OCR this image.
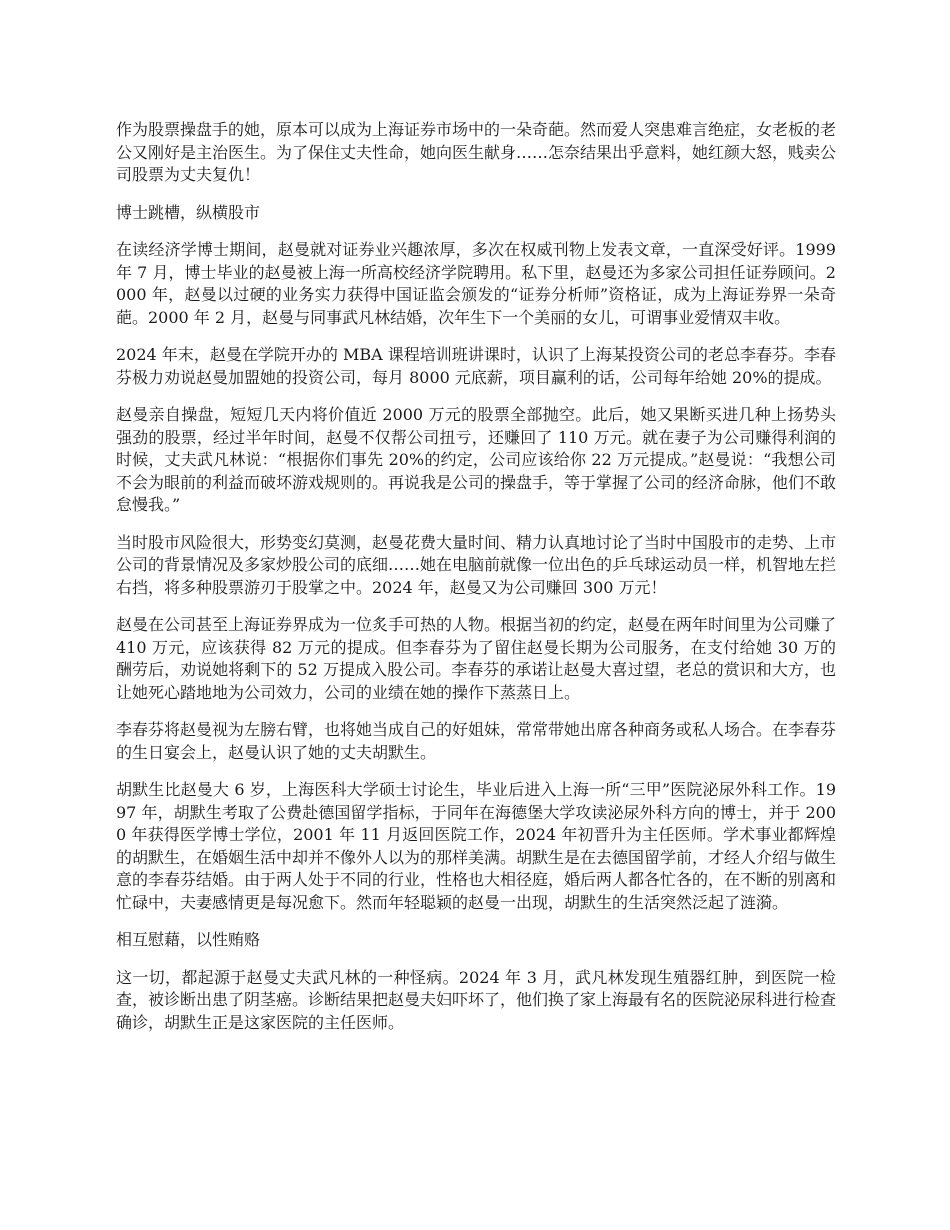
作为股票操盘手的她，原本可以成为上海证券市场中的一朵奇葩。然而爱人突患难言绝症，女老板的老公又刚好是主治医生。为了保住丈夫性命，她向医生献身……怎奈结果出乎意料，她红颜大怒，贱卖公司股票为丈夫复仇！

博士跳槽，纵横股市

在读经济学博士期间，赵曼就对证券业兴趣浓厚，多次在权威刊物上发表文章，一直深受好评。1999 年 7 月，博士毕业的赵曼被上海一所高校经济学院聘用。私下里，赵曼还为多家公司担任证券顾问。2000 年，赵曼以过硬的业务实力获得中国证监会颁发的“证券分析师”资格证，成为上海证券界一朵奇葩。2000 年 2 月，赵曼与同事武凡林结婚，次年生下一个美丽的女儿，可谓事业爱情双丰收。

2024 年末，赵曼在学院开办的 MBA 课程培训班讲课时，认识了上海某投资公司的老总李春芬。李春芬极力劝说赵曼加盟她的投资公司，每月 8000 元底薪，项目赢利的话，公司每年给她 20%的提成。

赵曼亲自操盘，短短几天内将价值近 2000 万元的股票全部抛空。此后，她又果断买进几种上扬势头强劲的股票，经过半年时间，赵曼不仅帮公司扭亏，还赚回了 110 万元。就在妻子为公司赚得利润的时候，丈夫武凡林说：“根据你们事先 20%的约定，公司应该给你 22 万元提成。”赵曼说：“我想公司不会为眼前的利益而破坏游戏规则的。再说我是公司的操盘手，等于掌握了公司的经济命脉，他们不敢怠慢我。”

当时股市风险很大，形势变幻莫测，赵曼花费大量时间、精力认真地讨论了当时中国股市的走势、上市公司的背景情况及多家炒股公司的底细……她在电脑前就像一位出色的乒乓球运动员一样，机智地左拦右挡，将多种股票游刃于股掌之中。2024 年，赵曼又为公司赚回 300 万元！

赵曼在公司甚至上海证券界成为一位炙手可热的人物。根据当初的约定，赵曼在两年时间里为公司赚了 410 万元，应该获得 82 万元的提成。但李春芬为了留住赵曼长期为公司服务，在支付给她 30 万的酬劳后，劝说她将剩下的 52 万提成入股公司。李春芬的承诺让赵曼大喜过望，老总的赏识和大方，也让她死心踏地地为公司效力，公司的业绩在她的操作下蒸蒸日上。

李春芬将赵曼视为左膀右臂，也将她当成自己的好姐妹，常常带她出席各种商务或私人场合。在李春芬的生日宴会上，赵曼认识了她的丈夫胡默生。

胡默生比赵曼大 6 岁，上海医科大学硕士讨论生，毕业后进入上海一所“三甲”医院泌尿外科工作。1997 年，胡默生考取了公费赴德国留学指标，于同年在海德堡大学攻读泌尿外科方向的博士，并于 2000 年获得医学博士学位，2001 年 11 月返回医院工作，2024 年初晋升为主任医师。学术事业都辉煌的胡默生，在婚姻生活中却并不像外人以为的那样美满。胡默生是在去德国留学前，才经人介绍与做生意的李春芬结婚。由于两人处于不同的行业，性格也大相径庭，婚后两人都各忙各的，在不断的别离和忙碌中，夫妻感情更是每况愈下。然而年轻聪颖的赵曼一出现，胡默生的生活突然泛起了涟漪。

相互慰藉，以性贿赂

这一切，都起源于赵曼丈夫武凡林的一种怪病。2024 年 3 月，武凡林发现生殖器红肿，到医院一检查，被诊断出患了阴茎癌。诊断结果把赵曼夫妇吓坏了，他们换了家上海最有名的医院泌尿科进行检查确诊，胡默生正是这家医院的主任医师。
